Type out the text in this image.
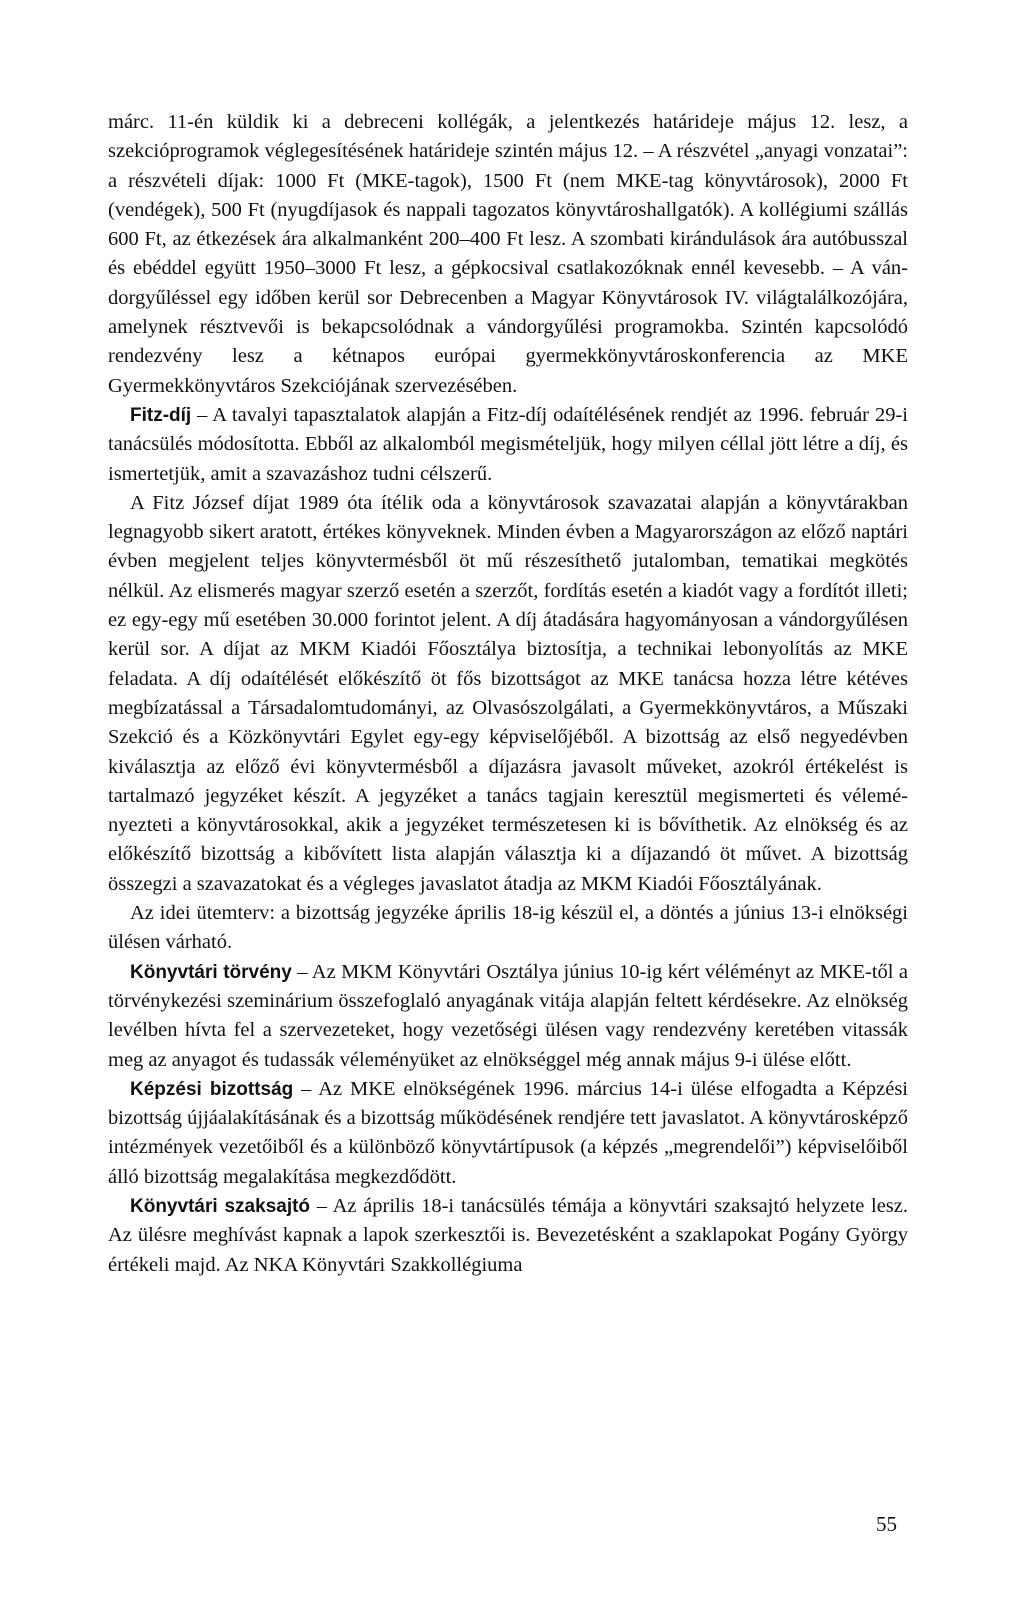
márc. 11-én küldik ki a debreceni kollégák, a jelentkezés határideje május 12. lesz, a szekcióprogramok véglegesítésének határideje szintén május 12. – A részvétel „anyagi vonzatai”: a részvételi díjak: 1000 Ft (MKE-tagok), 1500 Ft (nem MKE-tag könyvtárosok), 2000 Ft (vendégek), 500 Ft (nyugdíjasok és nappali tagozatos könyvtároshallgatók). A kollégiumi szállás 600 Ft, az étkezések ára alkalmanként 200–400 Ft lesz. A szombati kirándulások ára autóbusszal és ebéddel együtt 1950–3000 Ft lesz, a gépkocsival csatlakozóknak ennél kevesebb. – A vándorgyűléssel egy időben kerül sor Debrecenben a Magyar Könyvtárosok IV. világtalálkozójára, amelynek résztvevői is bekapcsolódnak a vándorgyűlési programokba. Szintén kapcsolódó rendezvény lesz a kétnapos európai gyermekkönyvtároskonferencia az MKE Gyermekkönyvtáros Szekciójának szervezésében.

Fitz-díj – A tavalyi tapasztalatok alapján a Fitz-díj odaítélésének rendjét az 1996. február 29-i tanácsülés módosította. Ebből az alkalomból megismételjük, hogy milyen céllal jött létre a díj, és ismertetjük, amit a szavazáshoz tudni célszerű.

A Fitz József díjat 1989 óta ítélik oda a könyvtárosok szavazatai alapján a könyvtárakban legnagyobb sikert aratott, értékes könyveknek. Minden évben a Magyarországon az előző naptári évben megjelent teljes könyvtermésből öt mű részesíthető jutalomban, tematikai megkötés nélkül. Az elismerés magyar szerző esetén a szerzőt, fordítás esetén a kiadót vagy a fordítót illeti; ez egy-egy mű esetében 30.000 forintot jelent. A díj átadására hagyományosan a vándorgyűlésen kerül sor. A díjat az MKM Kiadói Főosztálya biztosítja, a technikai lebonyolítás az MKE feladata. A díj odaítélését előkészítő öt fős bizottságot az MKE tanácsa hozza létre kétéves megbízatással a Társadalomtudományi, az Olvasószolgálati, a Gyermekkönyvtáros, a Műszaki Szekció és a Közkönyvtári Egylet egy-egy képviselőjéből. A bizottság az első negyedévben kiválasztja az előző évi könyvtermésből a díjazásra javasolt műveket, azokról értékelést is tartalmazó jegyzéket készít. A jegyzéket a tanács tagjain keresztül megismerteti és véleményezteti a könyvtárosokkal, akik a jegyzéket természetesen ki is bővíthetik. Az elnökség és az előkészítő bizottság a kibővített lista alapján választja ki a díjazandó öt művet. A bizottság összegzi a szavazatokat és a végleges javaslatot átadja az MKM Kiadói Főosztályának.

Az idei ütemterv: a bizottság jegyzéke április 18-ig készül el, a döntés a június 13-i elnökségi ülésen várható.

Könyvtári törvény – Az MKM Könyvtári Osztálya június 10-ig kért véléményt az MKE-től a törvénykezési szeminárium összefoglaló anyagának vitája alapján feltett kérdésekre. Az elnökség levélben hívta fel a szervezeteket, hogy vezetőségi ülésen vagy rendezvény keretében vitassák meg az anyagot és tudassák véleményüket az elnökséggel még annak május 9-i ülése előtt.

Képzési bizottság – Az MKE elnökségének 1996. március 14-i ülése elfogadta a Képzési bizottság újjáalakításának és a bizottság működésének rendjére tett javaslatot. A könyvtárosképző intézmények vezetőiből és a különböző könyvtártípusok (a képzés „megrendelői”) képviselőiből álló bizottság megalakítása megkezdődött.

Könyvtári szaksajtó – Az április 18-i tanácsülés témája a könyvtári szaksajtó helyzete lesz. Az ülésre meghívást kapnak a lapok szerkesztői is. Bevezetésként a szaklapokat Pogány György értékeli majd. Az NKA Könyvtári Szakkollégiuma

55
